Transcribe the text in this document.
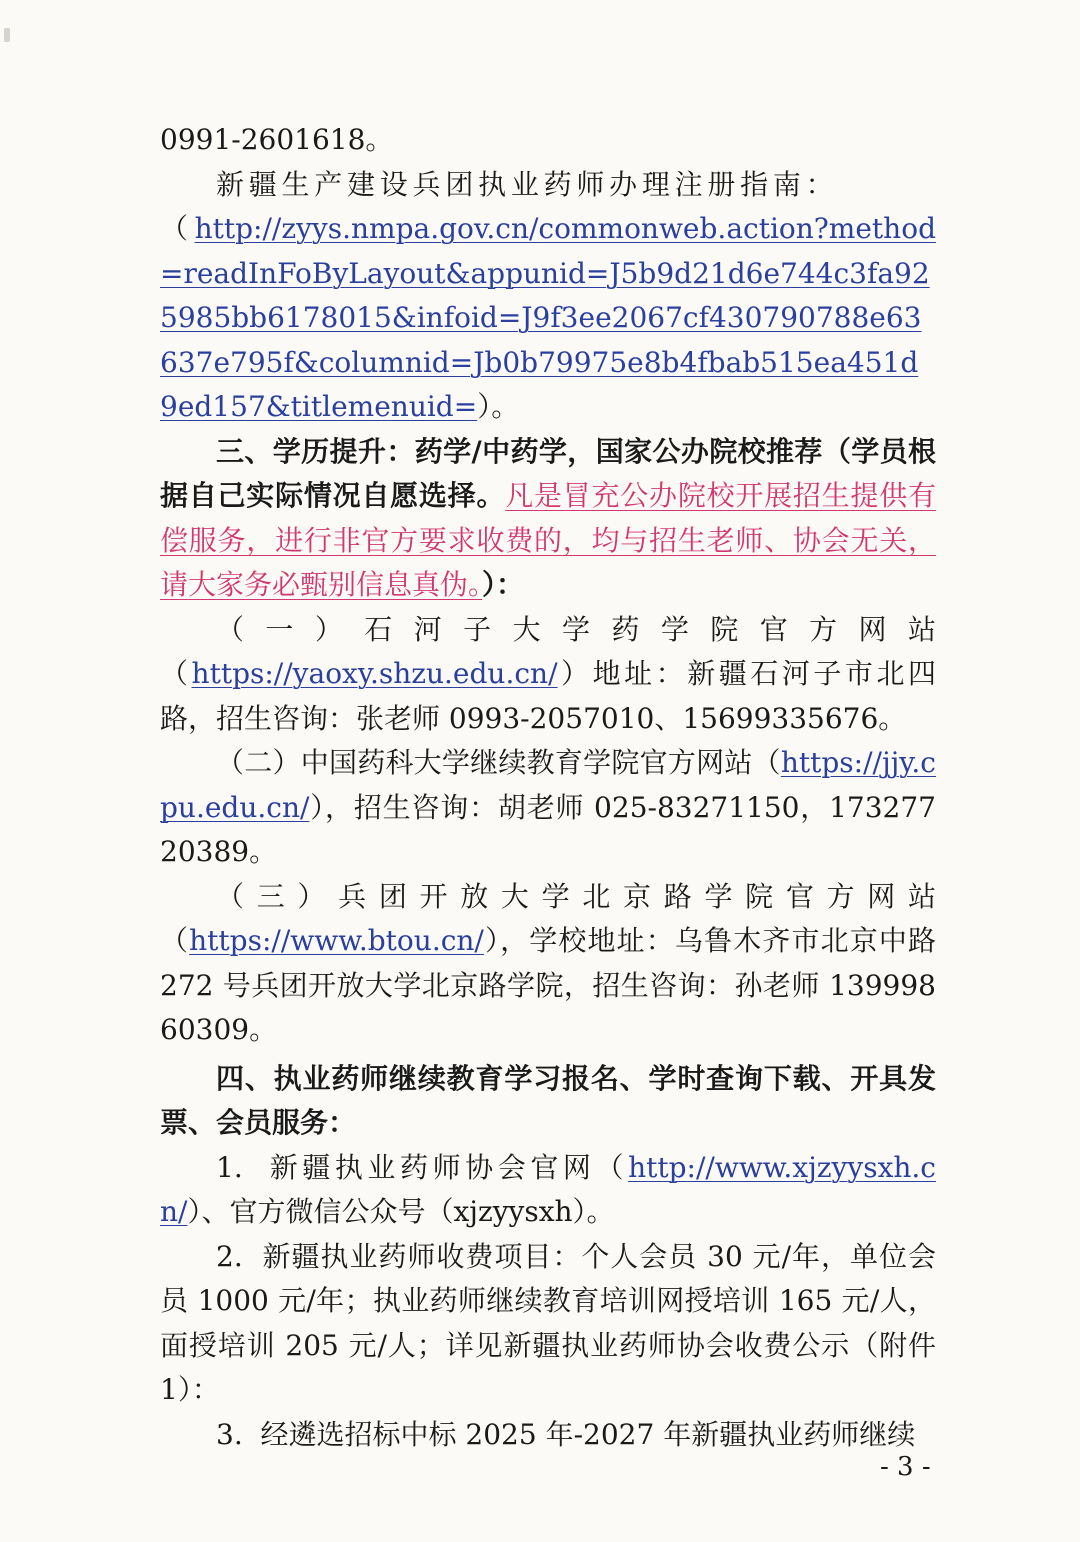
0991-2601618。

新疆生产建设兵团执业药师办理注册指南：

（http://zyys.nmpa.gov.cn/commonweb.action?method=readInFoByLayout&appunid=J5b9d21d6e744c3fa925985bb6178015&infoid=J9f3ee2067cf430790788e63637e795f&columnid=Jb0b79975e8b4fbab515ea451d9ed157&titlemenuid=）。

三、学历提升：药学/中药学，国家公办院校推荐（学员根据自己实际情况自愿选择。凡是冒充公办院校开展招生提供有偿服务，进行非官方要求收费的，均与招生老师、协会无关，请大家务必甄别信息真伪。）：

（一）石河子大学药学院官方网站

（https://yaoxy.shzu.edu.cn/）地址：新疆石河子市北四路，招生咨询：张老师 0993-2057010、15699335676。

（二）中国药科大学继续教育学院官方网站（https://jjy.cpu.edu.cn/），招生咨询：胡老师 025-83271150，17327720389。

（三）兵团开放大学北京路学院官方网站

（https://www.btou.cn/），学校地址：乌鲁木齐市北京中路 272 号兵团开放大学北京路学院，招生咨询：孙老师 13999860309。

四、执业药师继续教育学习报名、学时查询下载、开具发票、会员服务：

1. 新疆执业药师协会官网（http://www.xjzyysxh.cn/）、官方微信公众号（xjzyysxh）。

2. 新疆执业药师收费项目：个人会员 30 元/年，单位会员 1000 元/年；执业药师继续教育培训网授培训 165 元/人，面授培训 205 元/人；详见新疆执业药师协会收费公示（附件 1）：

3. 经遴选招标中标 2025 年-2027 年新疆执业药师继续

- 3 -
